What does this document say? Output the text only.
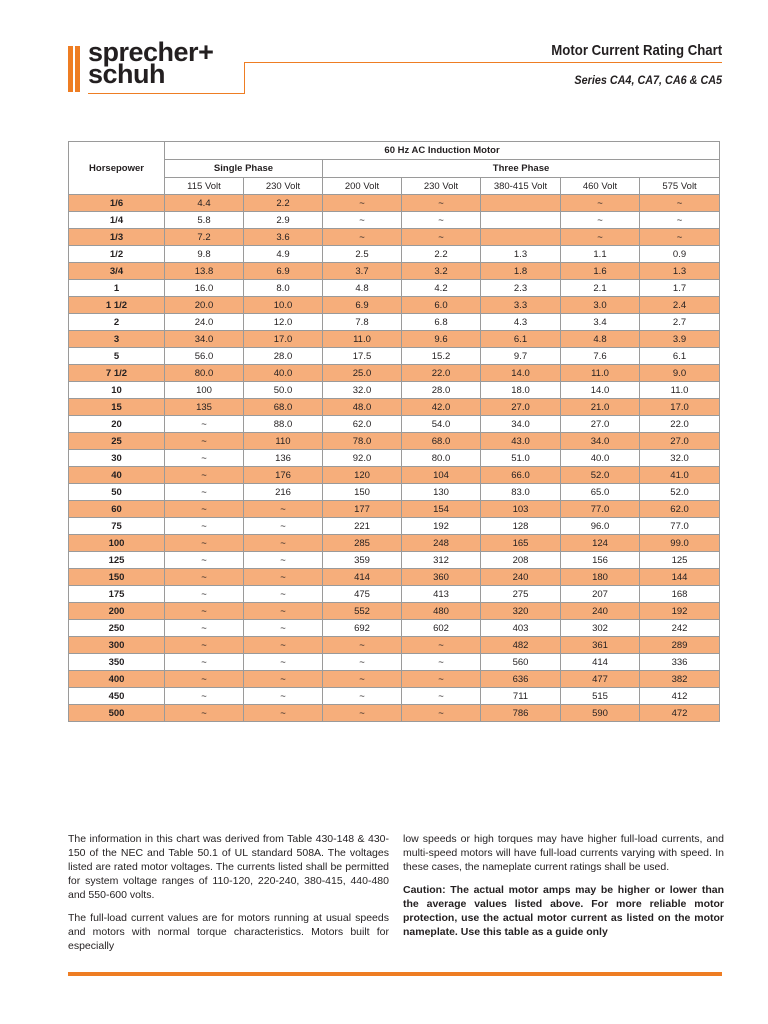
sprecher+
schuh
Motor Current Rating Chart
Series CA4, CA7, CA6 & CA5
Horsepower	60 Hz AC Induction Motor						
	Single Phase		Three Phase				
	115 Volt	230 Volt	200 Volt	230 Volt	380-415 Volt	460 Volt	575 Volt
1/6	4.4	2.2	~	~		~	~
1/4	5.8	2.9	~	~		~	~
1/3	7.2	3.6	~	~		~	~
1/2	9.8	4.9	2.5	2.2	1.3	1.1	0.9
3/4	13.8	6.9	3.7	3.2	1.8	1.6	1.3
1	16.0	8.0	4.8	4.2	2.3	2.1	1.7
1 1/2	20.0	10.0	6.9	6.0	3.3	3.0	2.4
2	24.0	12.0	7.8	6.8	4.3	3.4	2.7
3	34.0	17.0	11.0	9.6	6.1	4.8	3.9
5	56.0	28.0	17.5	15.2	9.7	7.6	6.1
7 1/2	80.0	40.0	25.0	22.0	14.0	11.0	9.0
10	100	50.0	32.0	28.0	18.0	14.0	11.0
15	135	68.0	48.0	42.0	27.0	21.0	17.0
20	~	88.0	62.0	54.0	34.0	27.0	22.0
25	~	110	78.0	68.0	43.0	34.0	27.0
30	~	136	92.0	80.0	51.0	40.0	32.0
40	~	176	120	104	66.0	52.0	41.0
50	~	216	150	130	83.0	65.0	52.0
60	~	~	177	154	103	77.0	62.0
75	~	~	221	192	128	96.0	77.0
100	~	~	285	248	165	124	99.0
125	~	~	359	312	208	156	125
150	~	~	414	360	240	180	144
175	~	~	475	413	275	207	168
200	~	~	552	480	320	240	192
250	~	~	692	602	403	302	242
300	~	~	~	~	482	361	289
350	~	~	~	~	560	414	336
400	~	~	~	~	636	477	382
450	~	~	~	~	711	515	412
500	~	~	~	~	786	590	472

The information in this chart was derived from Table 430-148 & 430-150 of the NEC and Table 50.1 of UL standard 508A. The voltages listed are rated motor voltages. The currents listed shall be permitted for system voltage ranges of 110-120, 220-240, 380-415, 440-480 and 550-600 volts.

The full-load current values are for motors running at usual speeds and motors with normal torque characteristics. Motors built for especially

low speeds or high torques may have higher full-load currents, and multi-speed motors will have full-load currents varying with speed. In these cases, the nameplate current ratings shall be used.

Caution: The actual motor amps may be higher or lower than the average values listed above. For more reliable motor protection, use the actual motor current as listed on the motor nameplate. Use this table as a guide only
